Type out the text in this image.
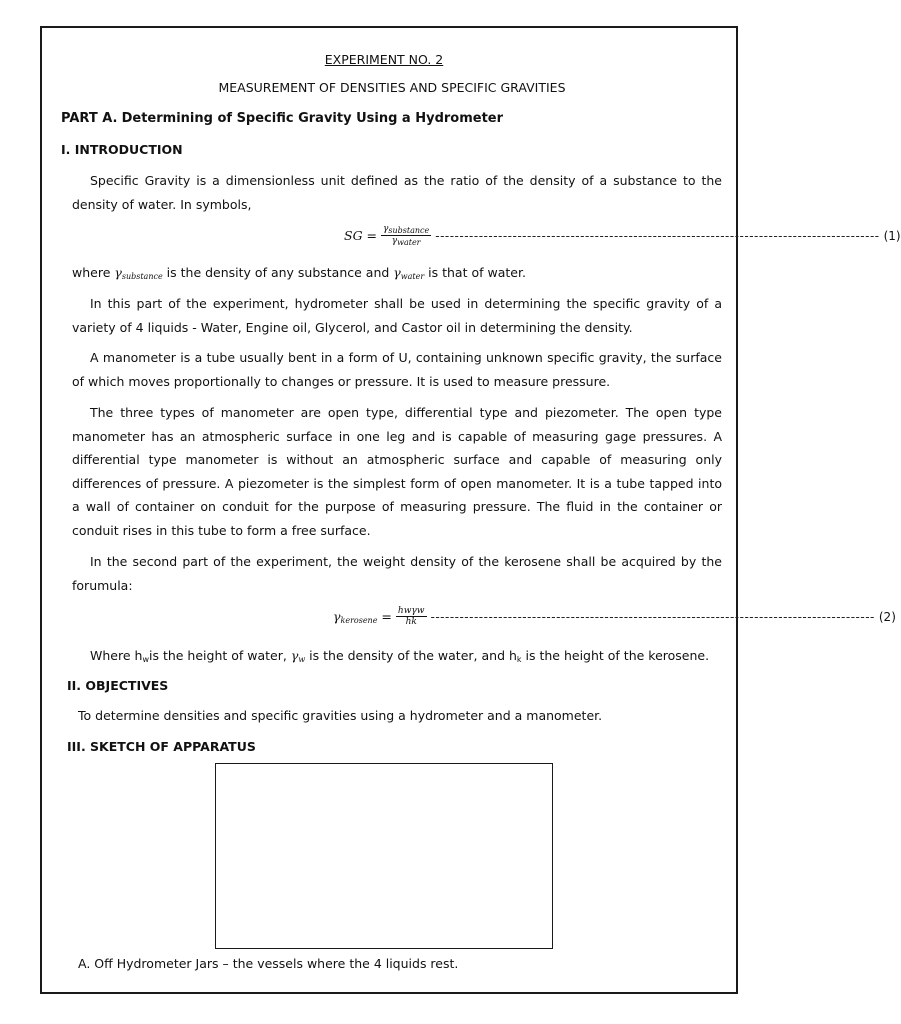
EXPERIMENT NO. 2
MEASUREMENT OF DENSITIES AND SPECIFIC GRAVITIES
PART A. Determining of Specific Gravity Using a Hydrometer
I. INTRODUCTION
Specific Gravity is a dimensionless unit defined as the ratio of the density of a substance to the density of water. In symbols,
SG = $\frac{\gamma_{substance}}{\gamma_{water}}$ -------------------------------------------------------------------------------------------- (1)
where $\gamma_{substance}$ is the density of any substance and $\gamma_{water}$ is that of water.
In this part of the experiment, hydrometer shall be used in determining the specific gravity of a variety of 4 liquids - Water, Engine oil, Glycerol, and Castor oil in determining the density.
A manometer is a tube usually bent in a form of U, containing unknown specific gravity, the surface of which moves proportionally to changes or pressure. It is used to measure pressure.
The three types of manometer are open type, differential type and piezometer. The open type manometer has an atmospheric surface in one leg and is capable of measuring gage pressures. A differential type manometer is without an atmospheric surface and capable of measuring only differences of pressure. A piezometer is the simplest form of open manometer. It is a tube tapped into a wall of container on conduit for the purpose of measuring pressure. The fluid in the container or conduit rises in this tube to form a free surface.
In the second part of the experiment, the weight density of the kerosene shall be acquired by the forumula:
$\gamma_{kerosene} = \frac{\text{hwγw}}{hk}$ -------------------------------------------------------------------------------------------- (2)
Where $h_wis$ the height of water, $\gamma_w$ is the density of the water, and $h_k$ is the height of the kerosene.
II. OBJECTIVES
To determine densities and specific gravities using a hydrometer and a manometer.
III. SKETCH OF APPARATUS
A. Off Hydrometer Jars – the vessels where the 4 liquids rest.
